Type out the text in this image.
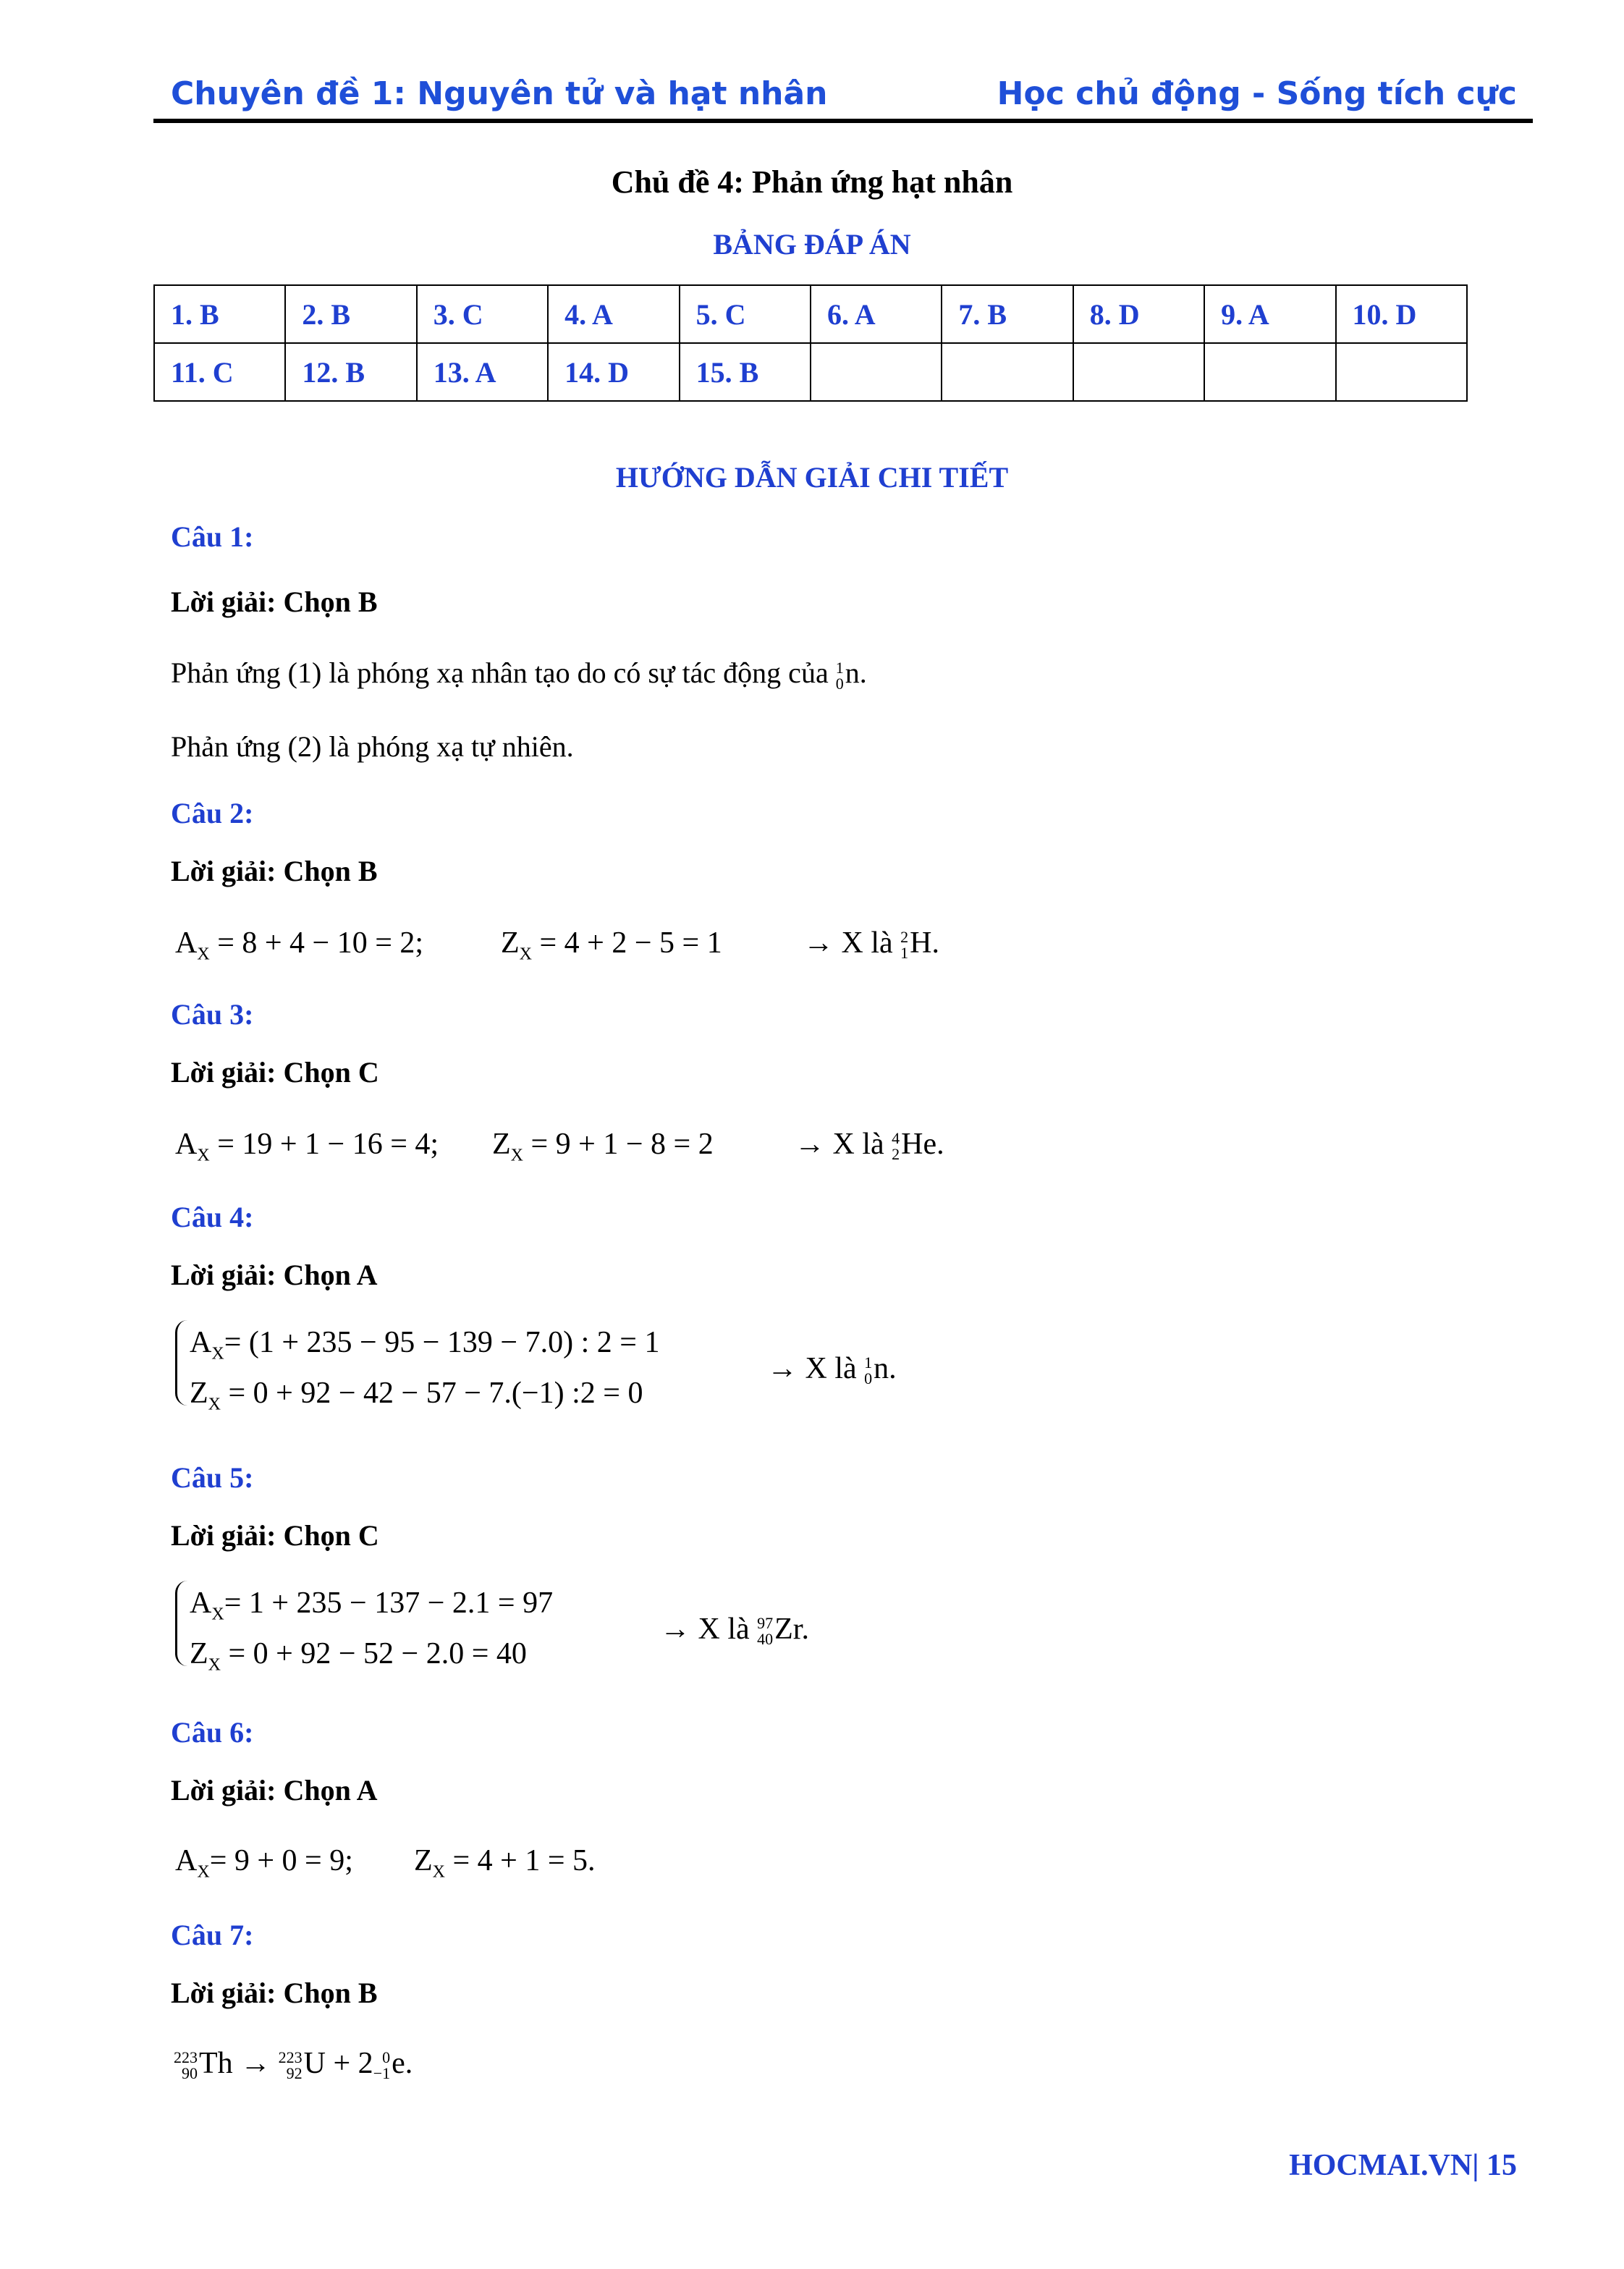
Chuyên đề 1: Nguyên tử và hạt nhân	Học chủ động - Sống tích cực
Chủ đề 4: Phản ứng hạt nhân
BẢNG ĐÁP ÁN
1. B	2. B	3. C	4. A	5. C	6. A	7. B	8. D	9. A	10. D
11. C	12. B	13. A	14. D	15. B					
HƯỚNG DẪN GIẢI CHI TIẾT
Câu 1:
Lời giải: Chọn B
Phản ứng (1) là phóng xạ nhân tạo do có sự tác động của 1
0 n.
Phản ứng (2) là phóng xạ tự nhiên.
Câu 2:
Lời giải: Chọn B
$A_X = 8 + 4 - 10 = 2$;	$Z_X = 4 + 2 - 5 = 1$	→ X là 2
1 H.
Câu 3:
Lời giải: Chọn C
$A_X = 19 + 1 - 16 = 4$; $Z_X = 9 + 1 - 8 = 2$	→ X là 4
2 He.
Câu 4:
Lời giải: Chọn A
$A_X= (1 + 235 - 95 - 139 - 7.0)$ : 2 = 1
$Z_X = 0 + 92 - 42 - 57 - 7.(-1)$ :2 = 0
→ X là 1
0 n.
Câu 5:
Lời giải: Chọn C
$A_X= 1 + 235 - 137 - 2.1 = 97$
$Z_X = 0 + 92 - 52 - 2.0 = 40$
→ X là 97
40 Zr.
Câu 6:
Lời giải: Chọn A
$A_X= 9 + 0 = 9$; $Z_X = 4 + 1 = 5$.
Câu 7:
Lời giải: Chọn B
223
90 Th → 223
92 U + 2 0
−1 e.
HOCMAI.VN| 15
